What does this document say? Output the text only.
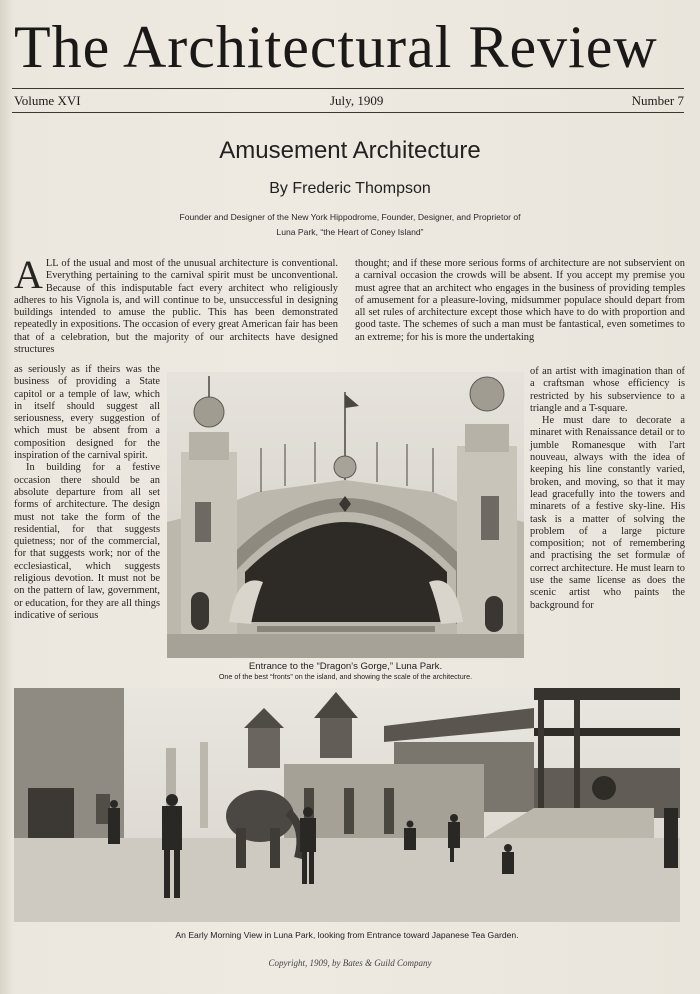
The Architectural Review
Volume XVI	July, 1909	Number 7
Amusement Architecture
By Frederic Thompson
Founder and Designer of the New York Hippodrome, Founder, Designer, and Proprietor of
Luna Park, “the Heart of Coney Island”
ALL of the usual and most of the unusual architecture is conventional. Everything pertaining to the carnival spirit must be unconventional. Because of this indisputable fact every architect who religiously adheres to his Vignola is, and will continue to be, unsuccessful in designing buildings intended to amuse the public. This has been demonstrated repeatedly in expositions. The occasion of every great American fair has been that of a celebration, but the majority of our architects have designed structures

as seriously as if theirs was the business of providing a State capitol or a temple of law, which in itself should suggest all seriousness, every suggestion of which must be absent from a composition designed for the inspiration of the carnival spirit.

In building for a festive occasion there should be an absolute departure from all set forms of architecture. The design must not take the form of the residential, for that suggests quietness; nor of the commercial, for that suggests work; nor of the ecclesiastical, which suggests religious devotion. It must not be on the pattern of law, government, or education, for they are all things indicative of serious

thought; and if these more serious forms of architecture are not subservient on a carnival occasion the crowds will be absent. If you accept my premise you must agree that an architect who engages in the business of providing temples of amusement for a pleasure-loving, midsummer populace should depart from all set rules of architecture except those which have to do with proportion and good taste. The schemes of such a man must be fantastical, even sometimes to an extreme; for his is more the undertaking

of an artist with imagination than of a craftsman whose efficiency is restricted by his subservience to a triangle and a T-square.

He must dare to decorate a minaret with Renaissance detail or to jumble Romanesque with l'art nouveau, always with the idea of keeping his line constantly varied, broken, and moving, so that it may lead gracefully into the towers and minarets of a festive sky-line. His task is a matter of solving the problem of a large picture composition; not of remembering and practising the set formulæ of correct architecture. He must learn to use the same license as does the scenic artist who paints the background for

Entrance to the “Dragon's Gorge,” Luna Park.
One of the best “fronts” on the island, and showing the scale of the architecture.
An Early Morning View in Luna Park, looking from Entrance toward Japanese Tea Garden.
Copyright, 1909, by Bates & Guild Company
